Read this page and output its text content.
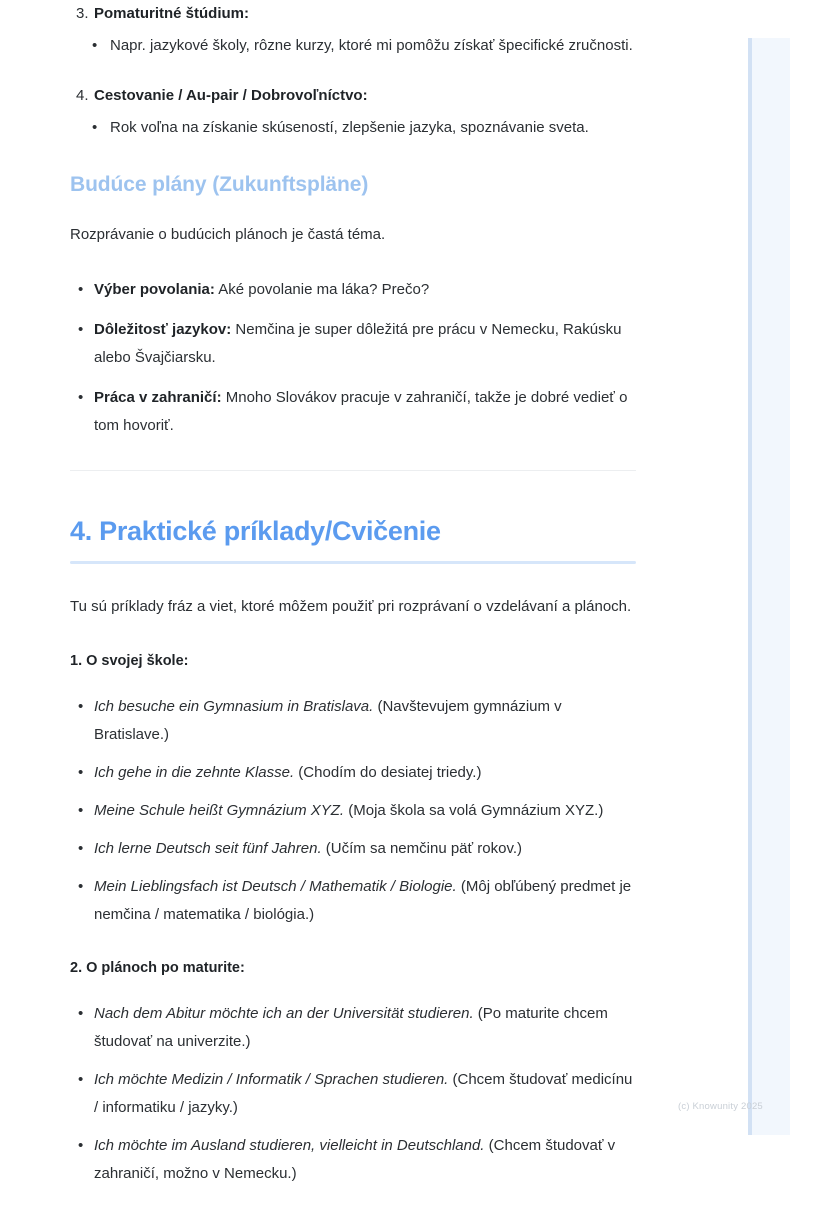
3. Pomaturitné štúdium:
• Napr. jazykové školy, rôzne kurzy, ktoré mi pomôžu získať špecifické zručnosti.
4. Cestovanie / Au-pair / Dobrovoľníctvo:
• Rok voľna na získanie skúseností, zlepšenie jazyka, spoznávanie sveta.
Budúce plány (Zukunftspläne)

Rozprávanie o budúcich plánoch je častá téma.

• Výber povolania: Aké povolanie ma láka? Prečo?
• Dôležitosť jazykov: Nemčina je super dôležitá pre prácu v Nemecku, Rakúsku alebo Švajčiarsku.
• Práca v zahraničí: Mnoho Slovákov pracuje v zahraničí, takže je dobré vedieť o tom hovoriť.
4. Praktické príklady/Cvičenie

Tu sú príklady fráz a viet, ktoré môžem použiť pri rozprávaní o vzdelávaní a plánoch.

1. O svojej škole:
• Ich besuche ein Gymnasium in Bratislava. (Navštevujem gymnázium v Bratislave.)
• Ich gehe in die zehnte Klasse. (Chodím do desiatej triedy.)
• Meine Schule heißt Gymnázium XYZ. (Moja škola sa volá Gymnázium XYZ.)
• Ich lerne Deutsch seit fünf Jahren. (Učím sa nemčinu päť rokov.)
• Mein Lieblingsfach ist Deutsch / Mathematik / Biologie. (Môj obľúbený predmet je nemčina / matematika / biológia.)
2. O plánoch po maturite:
• Nach dem Abitur möchte ich an der Universität studieren. (Po maturite chcem študovať na univerzite.)
• Ich möchte Medizin / Informatik / Sprachen studieren. (Chcem študovať medicínu / informatiku / jazyky.)
• Ich möchte im Ausland studieren, vielleicht in Deutschland. (Chcem študovať v zahraničí, možno v Nemecku.)
(c) Knowunity 2025
